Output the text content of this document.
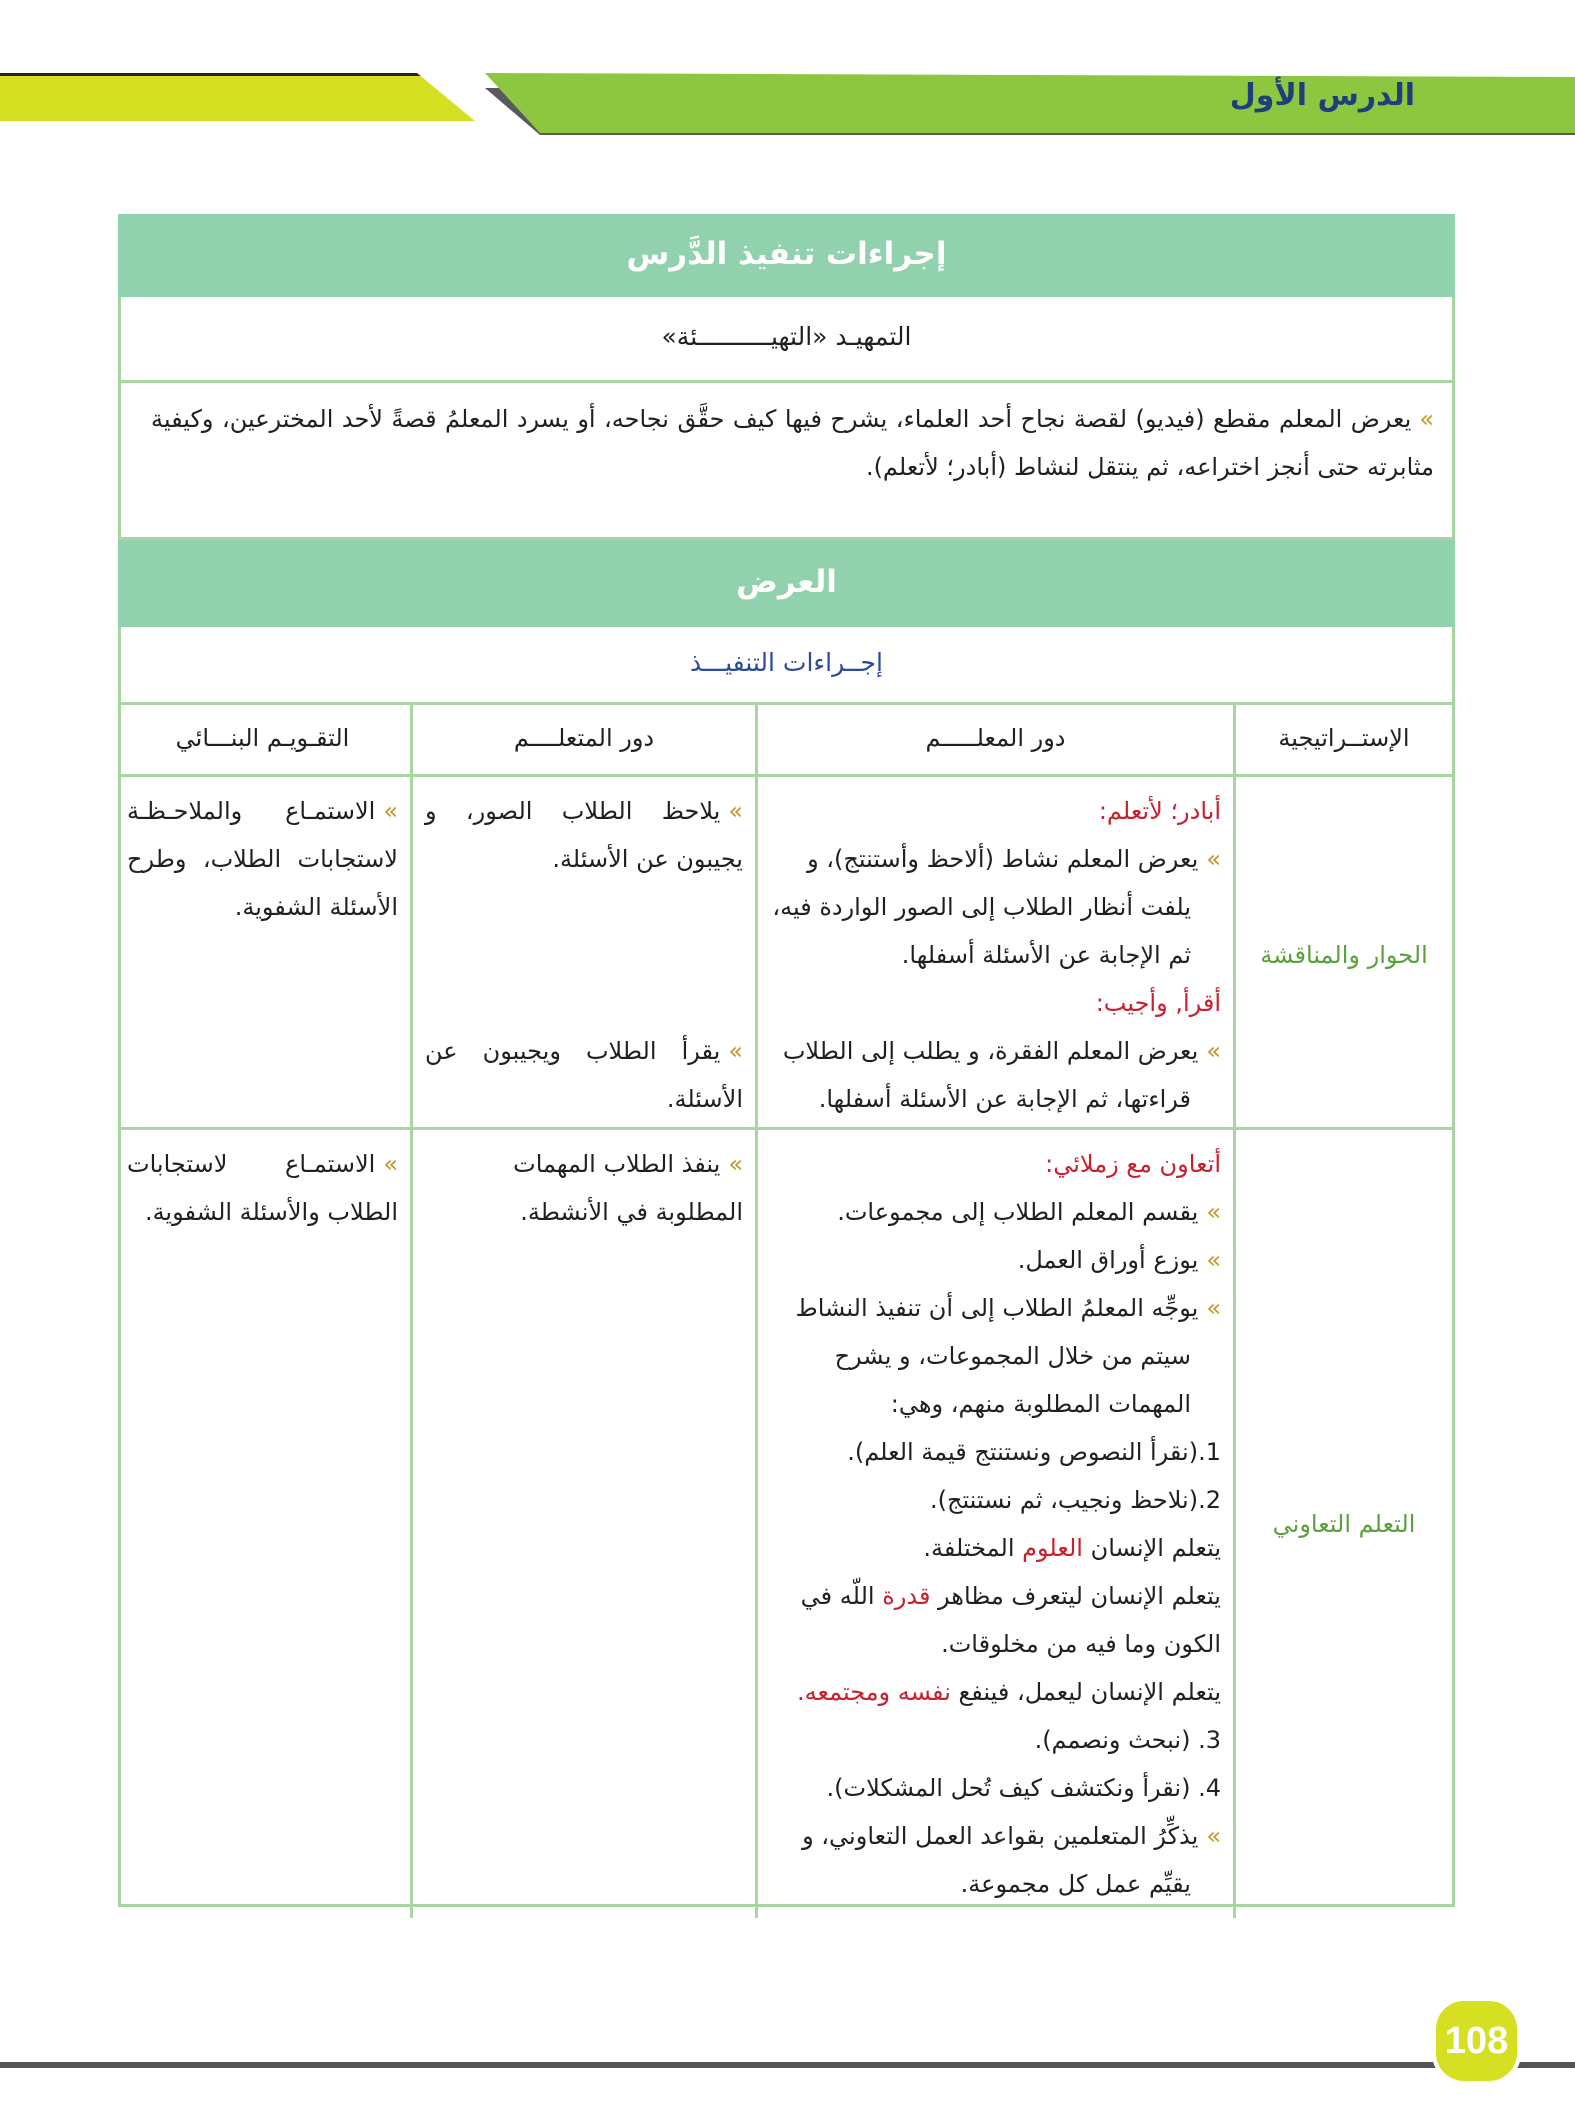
الدرس الأول
إجراءات تنفيذ الدَّرس
التمهيـد «التهيــــــــــئة»
»يعرض المعلم مقطع (فيديو) لقصة نجاح أحد العلماء، يشرح فيها كيف حقَّق نجاحه، أو يسرد المعلمُ قصةً لأحد المخترعين، وكيفية مثابرته حتى أنجز اختراعه، ثم ينتقل لنشاط (أبادر؛ لأتعلم).
العرض
إجــراءات التنفيـــذ
الإستــراتيجية
دور المعلـــــم
دور المتعلــــم
التقـويـم البنـــائي
الحوار والمناقشة
أبادر؛ لأتعلم:
»يعرض المعلم نشاط (ألاحظ وأستنتج)، و يلفت أنظار الطلاب إلى الصور الواردة فيه، ثم الإجابة عن الأسئلة أسفلها.
أقرأ, وأجيب:
»يعرض المعلم الفقرة، و يطلب إلى الطلاب قراءتها، ثم الإجابة عن الأسئلة أسفلها.
»يلاحظ الطلاب الصور، و يجيبون عن الأسئلة.
»يقرأ الطلاب ويجيبون عن الأسئلة.
»الاستمـاع والملاحـظـة لاستجابات الطلاب، وطرح الأسئلة الشفوية.
التعلم التعاوني
أتعاون مع زملائي:
»يقسم المعلم الطلاب إلى مجموعات.
»يوزع أوراق العمل.
»يوجِّه المعلمُ الطلاب إلى أن تنفيذ النشاط سيتم من خلال المجموعات، و يشرح المهمات المطلوبة منهم، وهي:
1.(نقرأ النصوص ونستنتج قيمة العلم).
2.(نلاحظ ونجيب، ثم نستنتج).
يتعلم الإنسان العلوم المختلفة.
يتعلم الإنسان ليتعرف مظاهر قدرة اللّه في الكون وما فيه من مخلوقات.
يتعلم الإنسان ليعمل، فينفع نفسه ومجتمعه.
3. (نبحث ونصمم).
4. (نقرأ ونكتشف كيف تُحل المشكلات).
»يذكِّرُ المتعلمين بقواعد العمل التعاوني، و يقيِّم عمل كل مجموعة.
»ينفذ الطلاب المهمات المطلوبة في الأنشطة.
»الاستمـاع لاستجابات الطلاب والأسئلة الشفوية.
108
